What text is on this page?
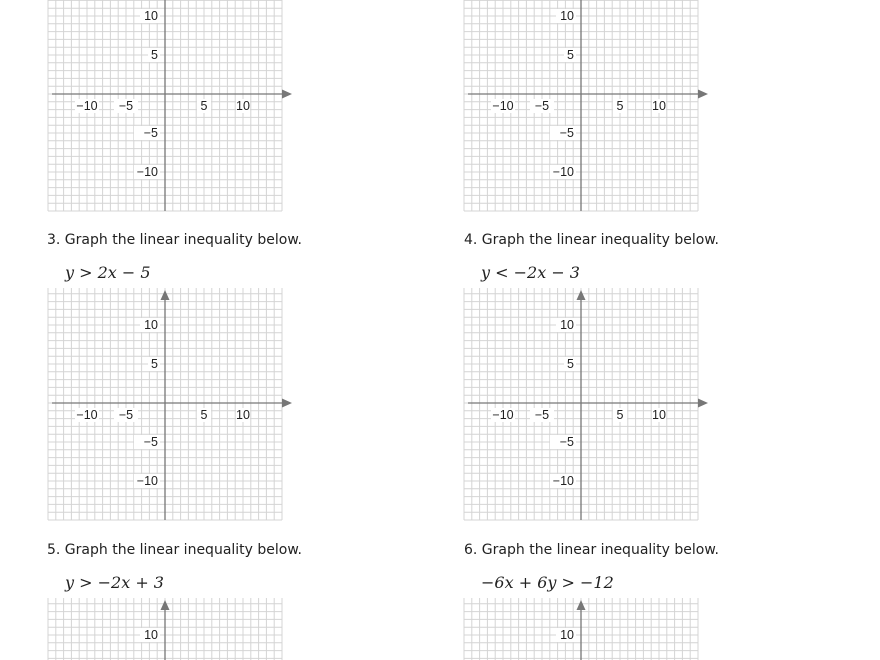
−10 −5	5 10
10
5
−5
−10
−10 −5	5 10
10
5
−5
−10
3. Graph the linear inequality below.
y > 2x − 5
−10 −5	5 10
10
5
−5
−10
4. Graph the linear inequality below.
y < −2x − 3
−10 −5	5 10
10
5
−5
−10
5. Graph the linear inequality below.
y > −2x + 3
10
6. Graph the linear inequality below.
−6x + 6y > −12
10
